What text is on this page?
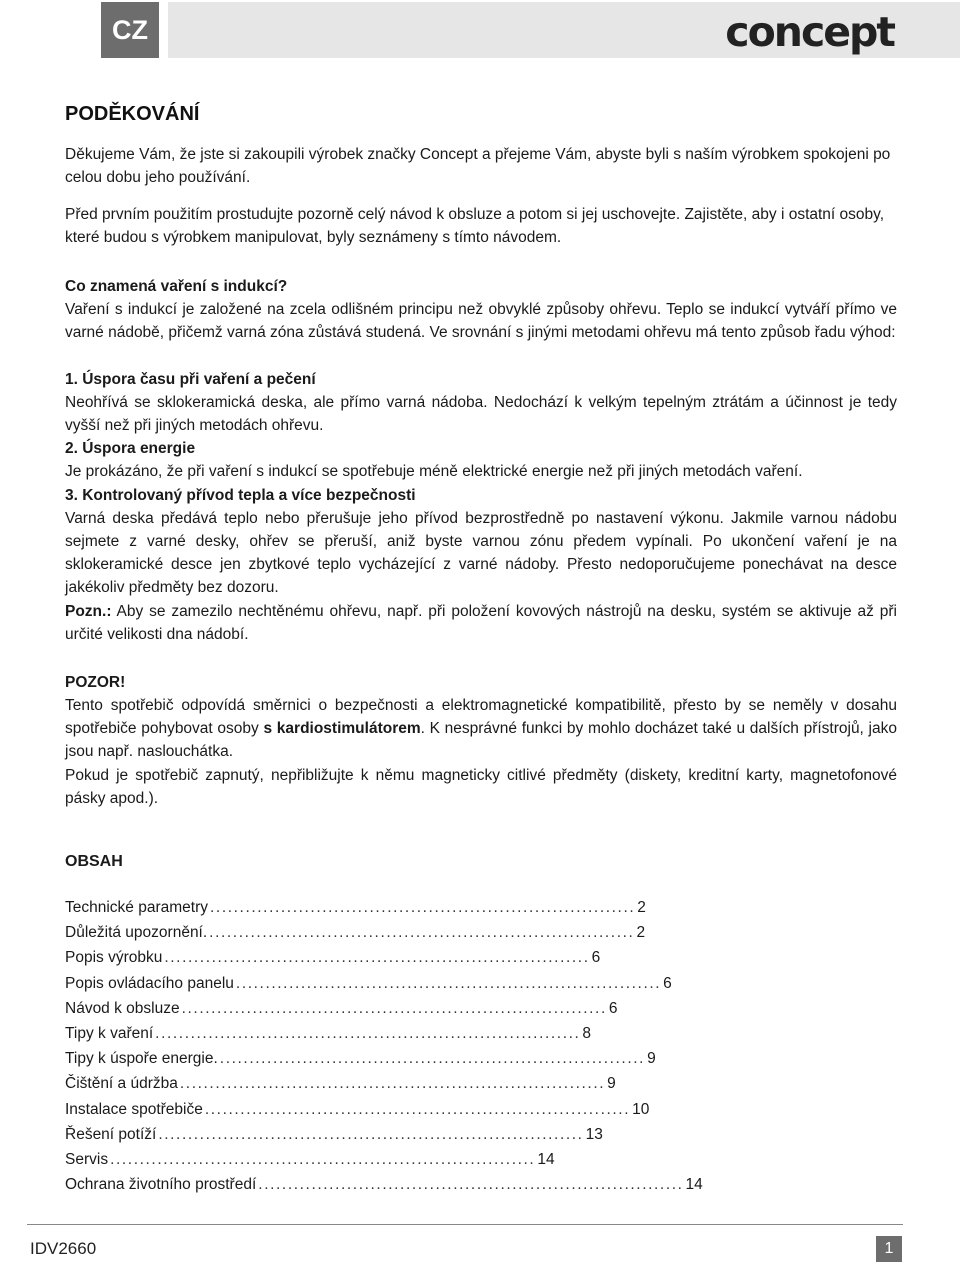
CZ	concept
PODĚKOVÁNÍ

Děkujeme Vám, že jste si zakoupili výrobek značky Concept a přejeme Vám, abyste byli s naším výrobkem spokojeni po celou dobu jeho používání.

Před prvním použitím prostudujte pozorně celý návod k obsluze a potom si jej uschovejte. Zajistěte, aby i ostatní osoby, které budou s výrobkem manipulovat, byly seznámeny s tímto návodem.

Co znamená vaření s indukcí?

Vaření s indukcí je založené na zcela odlišném principu než obvyklé způsoby ohřevu. Teplo se indukcí vytváří přímo ve varné nádobě, přičemž varná zóna zůstává studená. Ve srovnání s jinými metodami ohřevu má tento způsob řadu výhod:

1. Úspora času při vaření a pečení

Neohřívá se sklokeramická deska, ale přímo varná nádoba. Nedochází k velkým tepelným ztrátám a účinnost je tedy vyšší než při jiných metodách ohřevu.

2. Úspora energie

Je prokázáno, že při vaření s indukcí se spotřebuje méně elektrické energie než při jiných metodách vaření.

3. Kontrolovaný přívod tepla a více bezpečnosti

Varná deska předává teplo nebo přerušuje jeho přívod bezprostředně po nastavení výkonu. Jakmile varnou nádobu sejmete z varné desky, ohřev se přeruší, aniž byste varnou zónu předem vypínali. Po ukončení vaření je na sklokeramické desce jen zbytkové teplo vycházející z varné nádoby. Přesto nedoporučujeme ponechávat na desce jakékoliv předměty bez dozoru.

Pozn.: Aby se zamezilo nechtěnému ohřevu, např. při položení kovových nástrojů na desku, systém se aktivuje až při určité velikosti dna nádobí.

POZOR!

Tento spotřebič odpovídá směrnici o bezpečnosti a elektromagnetické kompatibilitě, přesto by se neměly v dosahu spotřebiče pohybovat osoby s kardiostimulátorem. K nesprávné funkci by mohlo docházet také u dalších přístrojů, jako jsou např. naslouchátka.

Pokud je spotřebič zapnutý, nepřibližujte k němu magneticky citlivé předměty (diskety, kreditní karty, magnetofonové pásky apod.).

OBSAH
Technické parametry ........................................................................ 2
Důležitá upozornění. ........................................................................ 2
Popis výrobku ........................................................................ 6
Popis ovládacího panelu ........................................................................ 6
Návod k obsluze ........................................................................ 6
Tipy k vaření ........................................................................ 8
Tipy k úspoře energie. ........................................................................ 9
Čištění a údržba ........................................................................ 9
Instalace spotřebiče ........................................................................ 10
Řešení potíží ........................................................................ 13
Servis ........................................................................ 14
Ochrana životního prostředí ........................................................................ 14
IDV2660	1
